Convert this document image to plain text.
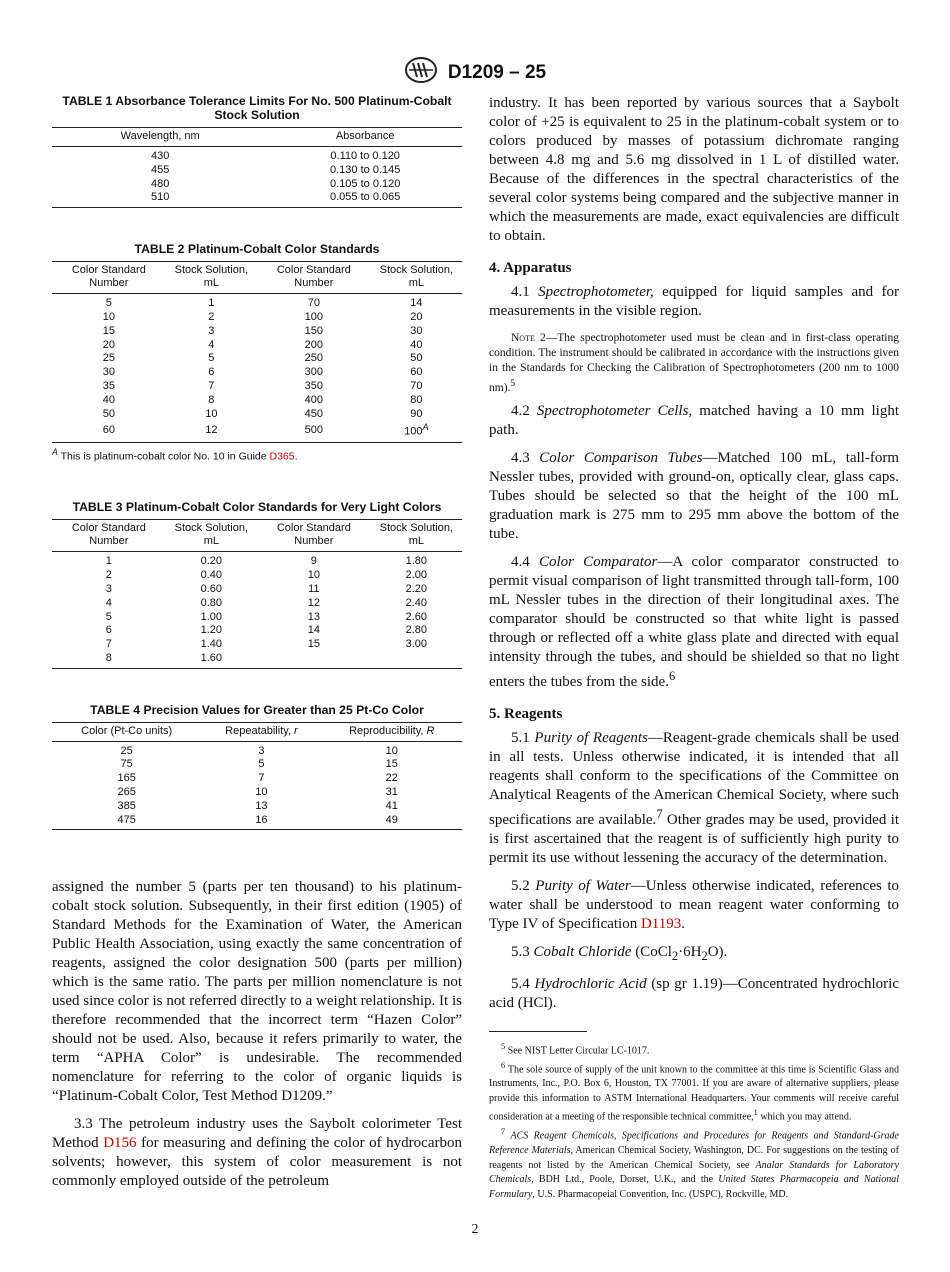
D1209 – 25
TABLE 1 Absorbance Tolerance Limits For No. 500 Platinum-Cobalt Stock Solution
Wavelength, nm	Absorbance
430	0.110 to 0.120
455	0.130 to 0.145
480	0.105 to 0.120
510	0.055 to 0.065
TABLE 2 Platinum-Cobalt Color Standards
Color Standard Number	Stock Solution, mL	Color Standard Number	Stock Solution, mL
5	1	70	14
10	2	100	20
15	3	150	30
20	4	200	40
25	5	250	50
30	6	300	60
35	7	350	70
40	8	400	80
50	10	450	90
60	12	500	$100^A$
$^A$ This is platinum-cobalt color No. 10 in Guide D365.
TABLE 3 Platinum-Cobalt Color Standards for Very Light Colors
Color Standard Number	Stock Solution, mL	Color Standard Number	Stock Solution, mL
1	0.20	9	1.80
2	0.40	10	2.00
3	0.60	11	2.20
4	0.80	12	2.40
5	1.00	13	2.60
6	1.20	14	2.80
7	1.40	15	3.00
8	1.60		
TABLE 4 Precision Values for Greater than 25 Pt-Co Color
Color (Pt-Co units)	Repeatability, r	Reproducibility, R
25	3	10
75	5	15
165	7	22
265	10	31
385	13	41
475	16	49

assigned the number 5 (parts per ten thousand) to his platinum-cobalt stock solution. Subsequently, in their first edition (1905) of Standard Methods for the Examination of Water, the American Public Health Association, using exactly the same concentration of reagents, assigned the color designation 500 (parts per million) which is the same ratio. The parts per million nomenclature is not used since color is not referred directly to a weight relationship. It is therefore recommended that the incorrect term “Hazen Color” should not be used. Also, because it refers primarily to water, the term “APHA Color” is undesirable. The recommended nomenclature for referring to the color of organic liquids is “Platinum-Cobalt Color, Test Method D1209.”

3.3 The petroleum industry uses the Saybolt colorimeter Test Method D156 for measuring and defining the color of hydrocarbon solvents; however, this system of color measurement is not commonly employed outside of the petroleum

industry. It has been reported by various sources that a Saybolt color of +25 is equivalent to 25 in the platinum-cobalt system or to colors produced by masses of potassium dichromate ranging between 4.8 mg and 5.6 mg dissolved in 1 L of distilled water. Because of the differences in the spectral characteristics of the several color systems being compared and the subjective manner in which the measurements are made, exact equivalencies are difficult to obtain.

4. Apparatus

4.1 Spectrophotometer, equipped for liquid samples and for measurements in the visible region.

Note 2—The spectrophotometer used must be clean and in first-class operating condition. The instrument should be calibrated in accordance with the instructions given in the Standards for Checking the Calibration of Spectrophotometers (200 nm to 1000 nm).$^5$

4.2 Spectrophotometer Cells, matched having a 10 mm light path.

4.3 Color Comparison Tubes—Matched 100 mL, tall-form Nessler tubes, provided with ground-on, optically clear, glass caps. Tubes should be selected so that the height of the 100 mL graduation mark is 275 mm to 295 mm above the bottom of the tube.

4.4 Color Comparator—A color comparator constructed to permit visual comparison of light transmitted through tall-form, 100 mL Nessler tubes in the direction of their longitudinal axes. The comparator should be constructed so that white light is passed through or reflected off a white glass plate and directed with equal intensity through the tubes, and should be shielded so that no light enters the tubes from the side.$^6$

5. Reagents

5.1 Purity of Reagents—Reagent-grade chemicals shall be used in all tests. Unless otherwise indicated, it is intended that all reagents shall conform to the specifications of the Committee on Analytical Reagents of the American Chemical Society, where such specifications are available.$^7$ Other grades may be used, provided it is first ascertained that the reagent is of sufficiently high purity to permit its use without lessening the accuracy of the determination.

5.2 Purity of Water—Unless otherwise indicated, references to water shall be understood to mean reagent water conforming to Type IV of Specification D1193.

5.3 Cobalt Chloride $(CoCl_2\cdot 6H_2O)$.

5.4 Hydrochloric Acid (sp gr 1.19)—Concentrated hydrochloric acid (HCl).

$^5$ See NIST Letter Circular LC-1017.

$^6$ The sole source of supply of the unit known to the committee at this time is Scientific Glass and Instruments, Inc., P.O. Box 6, Houston, TX 77001. If you are aware of alternative suppliers, please provide this information to ASTM International Headquarters. Your comments will receive careful consideration at a meeting of the responsible technical committee,$^1$ which you may attend.

$^7$ ACS Reagent Chemicals, Specifications and Procedures for Reagents and Standard-Grade Reference Materials, American Chemical Society, Washington, DC. For suggestions on the testing of reagents not listed by the American Chemical Society, see Analar Standards for Laboratory Chemicals, BDH Ltd., Poole, Dorset, U.K., and the United States Pharmacopeia and National Formulary, U.S. Pharmacopeial Convention, Inc. (USPC), Rockville, MD.

2
